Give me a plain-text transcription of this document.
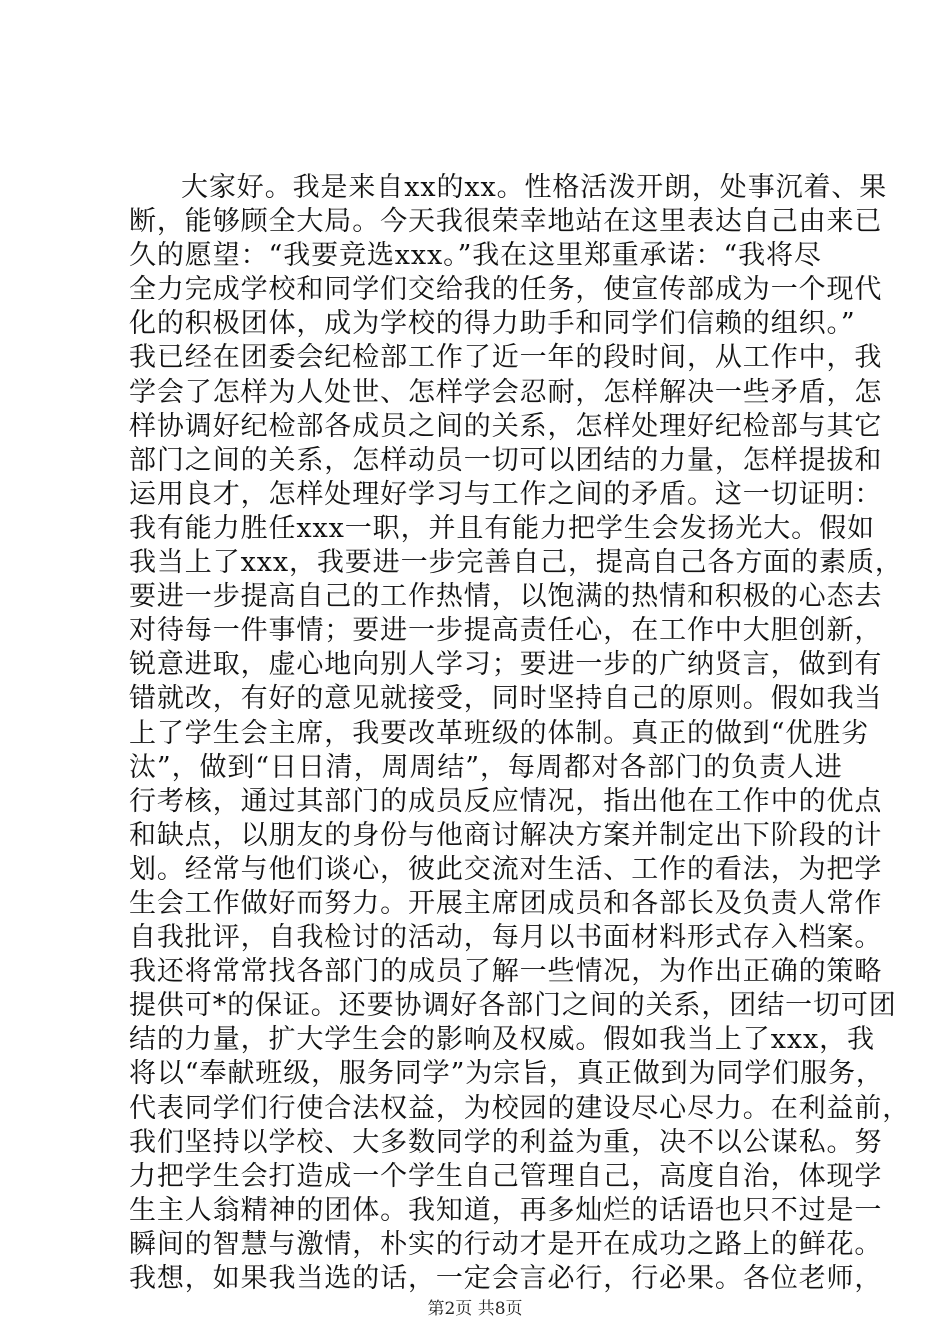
大家好。我是来自xx的xx。性格活泼开朗，处事沉着、果
断，能够顾全大局。今天我很荣幸地站在这里表达自己由来已
久的愿望：“我要竞选xxx。”我在这里郑重承诺：“我将尽
全力完成学校和同学们交给我的任务，使宣传部成为一个现代
化的积极团体，成为学校的得力助手和同学们信赖的组织。”
我已经在团委会纪检部工作了近一年的段时间，从工作中，我
学会了怎样为人处世、怎样学会忍耐，怎样解决一些矛盾，怎
样协调好纪检部各成员之间的关系，怎样处理好纪检部与其它
部门之间的关系，怎样动员一切可以团结的力量，怎样提拔和
运用良才，怎样处理好学习与工作之间的矛盾。这一切证明：
我有能力胜任xxx一职，并且有能力把学生会发扬光大。假如
我当上了xxx，我要进一步完善自己，提高自己各方面的素质，
要进一步提高自己的工作热情，以饱满的热情和积极的心态去
对待每一件事情；要进一步提高责任心，在工作中大胆创新，
锐意进取，虚心地向别人学习；要进一步的广纳贤言，做到有
错就改，有好的意见就接受，同时坚持自己的原则。假如我当
上了学生会主席，我要改革班级的体制。真正的做到“优胜劣
汰”，做到“日日清，周周结”，每周都对各部门的负责人进
行考核，通过其部门的成员反应情况，指出他在工作中的优点
和缺点，以朋友的身份与他商讨解决方案并制定出下阶段的计
划。经常与他们谈心，彼此交流对生活、工作的看法，为把学
生会工作做好而努力。开展主席团成员和各部长及负责人常作
自我批评，自我检讨的活动，每月以书面材料形式存入档案。
我还将常常找各部门的成员了解一些情况，为作出正确的策略
提供可*的保证。还要协调好各部门之间的关系，团结一切可团
结的力量，扩大学生会的影响及权威。假如我当上了xxx，我
将以“奉献班级，服务同学”为宗旨，真正做到为同学们服务，
代表同学们行使合法权益，为校园的建设尽心尽力。在利益前，
我们坚持以学校、大多数同学的利益为重，决不以公谋私。努
力把学生会打造成一个学生自己管理自己，高度自治，体现学
生主人翁精神的团体。我知道，再多灿烂的话语也只不过是一
瞬间的智慧与激情，朴实的行动才是开在成功之路上的鲜花。
我想，如果我当选的话，一定会言必行，行必果。各位老师，
第2页 共8页
